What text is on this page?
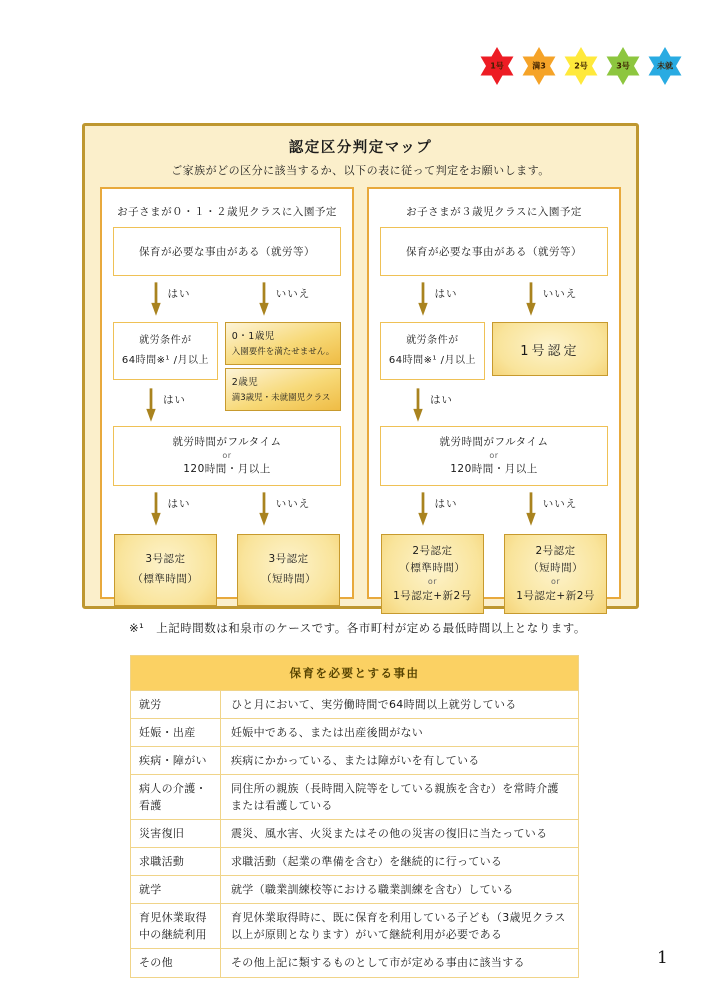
1号	満3	2号	3号	未就
認定区分判定マップ
ご家族がどの区分に該当するか、以下の表に従って判定をお願いします。
お子さまが０・１・２歳児クラスに入園予定
保育が必要な事由がある（就労等）
はい	いいえ
就労条件が
64時間※¹ /月以上
はい
0・1歳児
入園要件を満たせません。
2歳児
満3歳児・未就園児クラス
就労時間がフルタイム
or
120時間・月以上
はい	いいえ
3号認定
（標準時間）
3号認定
（短時間）
お子さまが３歳児クラスに入園予定
保育が必要な事由がある（就労等）
はい	いいえ
就労条件が
64時間※¹ /月以上
はい
1号認定
就労時間がフルタイム
or
120時間・月以上
はい	いいえ
2号認定
（標準時間）
or
1号認定+新2号
2号認定
（短時間）
or
1号認定+新2号
※¹ 上記時間数は和泉市のケースです。各市町村が定める最低時間以上となります。
保育を必要とする事由	
就労	ひと月において、実労働時間で64時間以上就労している
妊娠・出産	妊娠中である、または出産後間がない
疾病・障がい	疾病にかかっている、または障がいを有している
病人の介護・看護	同住所の親族（長時間入院等をしている親族を含む）を常時介護または看護している
災害復旧	震災、風水害、火災またはその他の災害の復旧に当たっている
求職活動	求職活動（起業の準備を含む）を継続的に行っている
就学	就学（職業訓練校等における職業訓練を含む）している
育児休業取得中の継続利用	育児休業取得時に、既に保育を利用している子ども（3歳児クラス以上が原則となります）がいて継続利用が必要である
その他	その他上記に類するものとして市が定める事由に該当する	1
